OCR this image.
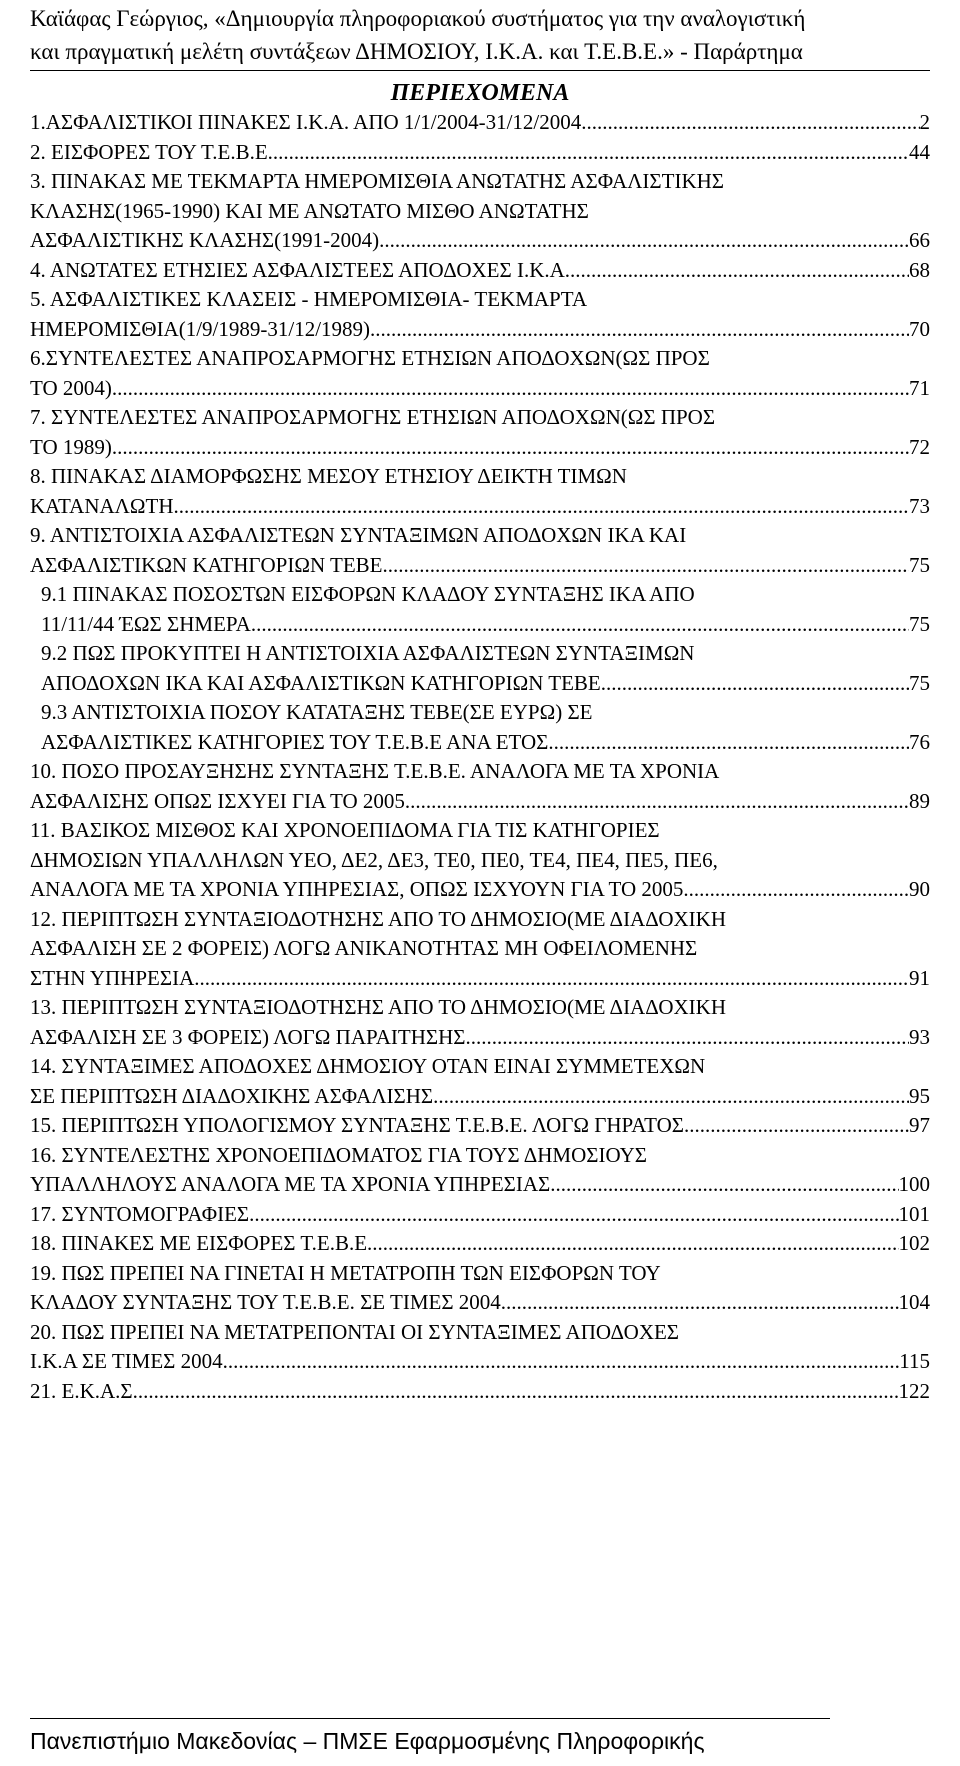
Καϊάφας Γεώργιος, «Δημιουργία πληροφοριακού συστήματος για την αναλογιστική
και πραγματική μελέτη συντάξεων ΔΗΜΟΣΙΟΥ, Ι.Κ.Α. και Τ.Ε.Β.Ε.» - Παράρτημα
ΠΕΡΙΕΧΟΜΕΝΑ
1.ΑΣΦΑΛΙΣΤΙΚΟΙ ΠΙΝΑΚΕΣ Ι.Κ.Α. ΑΠΟ 1/1/2004-31/12/2004 .....	2
2. ΕΙΣΦΟΡΕΣ ΤΟΥ Τ.Ε.Β.Ε. .....	44
3. ΠΙΝΑΚΑΣ ΜΕ ΤΕΚΜΑΡΤΑ ΗΜΕΡΟΜΙΣΘΙΑ ΑΝΩΤΑΤΗΣ ΑΣΦΑΛΙΣΤΙΚΗΣ
ΚΛΑΣΗΣ(1965-1990) ΚΑΙ ΜΕ ΑΝΩΤΑΤΟ ΜΙΣΘΟ ΑΝΩΤΑΤΗΣ
ΑΣΦΑΛΙΣΤΙΚΗΣ ΚΛΑΣΗΣ(1991-2004) .....	66
4. ΑΝΩΤΑΤΕΣ ΕΤΗΣΙΕΣ ΑΣΦΑΛΙΣΤΕΕΣ ΑΠΟΔΟΧΕΣ Ι.Κ.Α. .....	68
5. ΑΣΦΑΛΙΣΤΙΚΕΣ ΚΛΑΣΕΙΣ - ΗΜΕΡΟΜΙΣΘΙΑ- ΤΕΚΜΑΡΤΑ
ΗΜΕΡΟΜΙΣΘΙΑ(1/9/1989-31/12/1989) .....	70
6.ΣΥΝΤΕΛΕΣΤΕΣ ΑΝΑΠΡΟΣΑΡΜΟΓΗΣ ΕΤΗΣΙΩΝ ΑΠΟΔΟΧΩΝ(ΩΣ ΠΡΟΣ
ΤΟ 2004) .....	71
7. ΣΥΝΤΕΛΕΣΤΕΣ ΑΝΑΠΡΟΣΑΡΜΟΓΗΣ ΕΤΗΣΙΩΝ ΑΠΟΔΟΧΩΝ(ΩΣ ΠΡΟΣ
ΤΟ 1989) .....	72
8. ΠΙΝΑΚΑΣ ΔΙΑΜΟΡΦΩΣΗΣ ΜΕΣΟΥ ΕΤΗΣΙΟΥ ΔΕΙΚΤΗ ΤΙΜΩΝ
ΚΑΤΑΝΑΛΩΤΗ .....	73
9. ΑΝΤΙΣΤΟΙΧΙΑ ΑΣΦΑΛΙΣΤΕΩΝ ΣΥΝΤΑΞΙΜΩΝ ΑΠΟΔΟΧΩΝ ΙΚΑ ΚΑΙ
ΑΣΦΑΛΙΣΤΙΚΩΝ ΚΑΤΗΓΟΡΙΩΝ ΤΕΒΕ .....	75
9.1 ΠΙΝΑΚΑΣ ΠΟΣΟΣΤΩΝ ΕΙΣΦΟΡΩΝ ΚΛΑΔΟΥ ΣΥΝΤΑΞΗΣ ΙΚΑ ΑΠΟ
11/11/44 ΈΩΣ ΣΗΜΕΡΑ .....	75
9.2 ΠΩΣ ΠΡΟΚΥΠΤΕΙ Η ΑΝΤΙΣΤΟΙΧΙΑ ΑΣΦΑΛΙΣΤΕΩΝ ΣΥΝΤΑΞΙΜΩΝ
ΑΠΟΔΟΧΩΝ ΙΚΑ ΚΑΙ ΑΣΦΑΛΙΣΤΙΚΩΝ ΚΑΤΗΓΟΡΙΩΝ ΤΕΒΕ .....	75
9.3 ΑΝΤΙΣΤΟΙΧΙΑ ΠΟΣΟΥ ΚΑΤΑΤΑΞΗΣ ΤΕΒΕ(ΣΕ ΕΥΡΩ) ΣΕ
ΑΣΦΑΛΙΣΤΙΚΕΣ ΚΑΤΗΓΟΡΙΕΣ ΤΟΥ Τ.Ε.Β.Ε ΑΝΑ ΕΤΟΣ .....	76
10. ΠΟΣΟ ΠΡΟΣΑΥΞΗΣΗΣ ΣΥΝΤΑΞΗΣ Τ.Ε.Β.Ε. ΑΝΑΛΟΓΑ ΜΕ ΤΑ ΧΡΟΝΙΑ
ΑΣΦΑΛΙΣΗΣ ΟΠΩΣ ΙΣΧΥΕΙ ΓΙΑ ΤΟ 2005 .....	89
11. ΒΑΣΙΚΟΣ ΜΙΣΘΟΣ ΚΑΙ ΧΡΟΝΟΕΠΙΔΟΜΑ ΓΙΑ ΤΙΣ ΚΑΤΗΓΟΡΙΕΣ
ΔΗΜΟΣΙΩΝ ΥΠΑΛΛΗΛΩΝ ΥΕΟ, ΔΕ2, ΔΕ3, ΤΕ0, ΠΕ0, ΤΕ4, ΠΕ4, ΠΕ5, ΠΕ6,
ΑΝΑΛΟΓΑ ΜΕ ΤΑ ΧΡΟΝΙΑ ΥΠΗΡΕΣΙΑΣ, ΟΠΩΣ ΙΣΧΥΟΥΝ ΓΙΑ ΤΟ 2005. .....	90
12. ΠΕΡΙΠΤΩΣΗ ΣΥΝΤΑΞΙΟΔΟΤΗΣΗΣ ΑΠΟ ΤΟ ΔΗΜΟΣΙΟ(ΜΕ ΔΙΑΔΟΧΙΚΗ
ΑΣΦΑΛΙΣΗ ΣΕ 2 ΦΟΡΕΙΣ) ΛΟΓΩ ΑΝΙΚΑΝΟΤΗΤΑΣ ΜΗ ΟΦΕΙΛΟΜΕΝΗΣ
ΣΤΗΝ ΥΠΗΡΕΣΙΑ .....	91
13. ΠΕΡΙΠΤΩΣΗ ΣΥΝΤΑΞΙΟΔΟΤΗΣΗΣ ΑΠΟ ΤΟ ΔΗΜΟΣΙΟ(ΜΕ ΔΙΑΔΟΧΙΚΗ
ΑΣΦΑΛΙΣΗ ΣΕ 3 ΦΟΡΕΙΣ) ΛΟΓΩ ΠΑΡΑΙΤΗΣΗΣ .....	93
14. ΣΥΝΤΑΞΙΜΕΣ ΑΠΟΔΟΧΕΣ ΔΗΜΟΣΙΟΥ ΟΤΑΝ ΕΙΝΑΙ ΣΥΜΜΕΤΕΧΩΝ
ΣΕ ΠΕΡΙΠΤΩΣΗ ΔΙΑΔΟΧΙΚΗΣ ΑΣΦΑΛΙΣΗΣ .....	95
15. ΠΕΡΙΠΤΩΣΗ ΥΠΟΛΟΓΙΣΜΟΥ ΣΥΝΤΑΞΗΣ Τ.Ε.Β.Ε. ΛΟΓΩ ΓΗΡΑΤΟΣ .....	97
16. ΣΥΝΤΕΛΕΣΤΗΣ ΧΡΟΝΟΕΠΙΔΟΜΑΤΟΣ ΓΙΑ ΤΟΥΣ ΔΗΜΟΣΙΟΥΣ
ΥΠΑΛΛΗΛΟΥΣ ΑΝΑΛΟΓΑ ΜΕ ΤΑ ΧΡΟΝΙΑ ΥΠΗΡΕΣΙΑΣ .....	100
17. ΣΥΝΤΟΜΟΓΡΑΦΙΕΣ .....	101
18. ΠΙΝΑΚΕΣ ΜΕ ΕΙΣΦΟΡΕΣ Τ.Ε.Β.Ε. .....	102
19. ΠΩΣ ΠΡΕΠΕΙ ΝΑ ΓΙΝΕΤΑΙ Η ΜΕΤΑΤΡΟΠΗ ΤΩΝ ΕΙΣΦΟΡΩΝ ΤΟΥ
ΚΛΑΔΟΥ ΣΥΝΤΑΞΗΣ ΤΟΥ Τ.Ε.Β.Ε. ΣΕ ΤΙΜΕΣ 2004 .....	104
20. ΠΩΣ ΠΡΕΠΕΙ ΝΑ ΜΕΤΑΤΡΕΠΟΝΤΑΙ ΟΙ ΣΥΝΤΑΞΙΜΕΣ ΑΠΟΔΟΧΕΣ
Ι.Κ.Α ΣΕ ΤΙΜΕΣ 2004 .....	115
21. Ε.Κ.Α.Σ .....	122
Πανεπιστήμιο Μακεδονίας – ΠΜΣΕ Εφαρμοσμένης Πληροφορικής
